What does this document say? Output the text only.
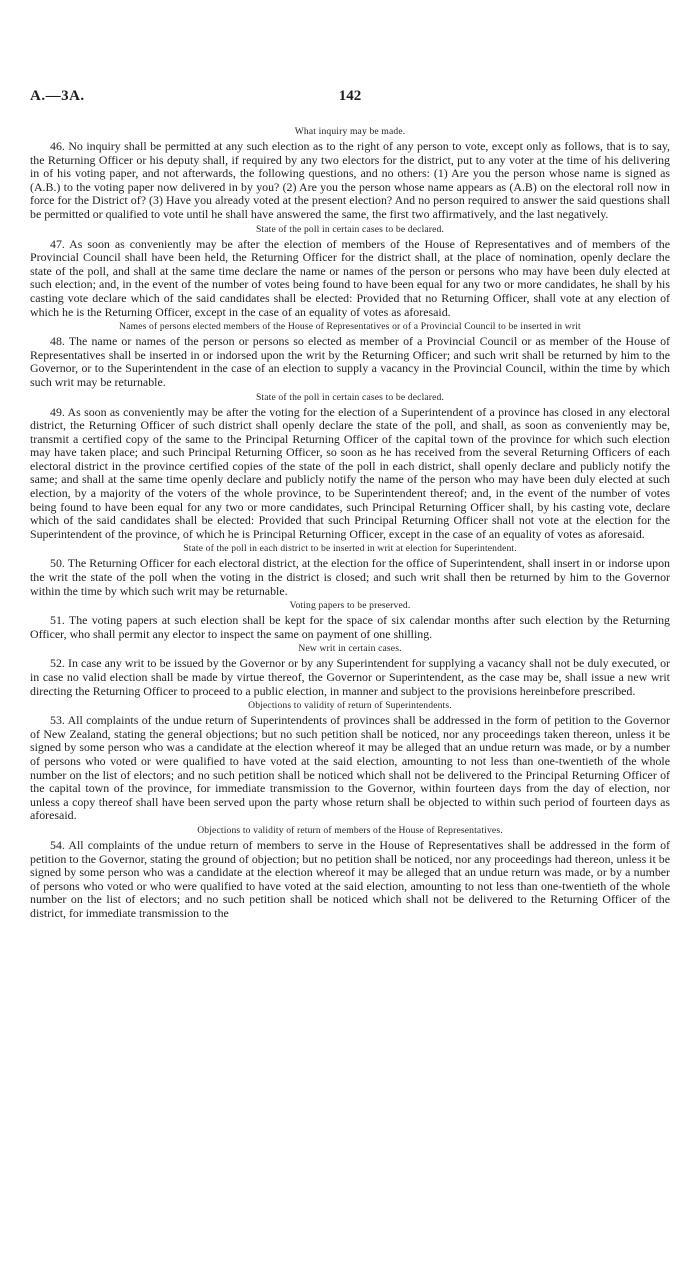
A.—3A.	142

What inquiry may be made.

46. No inquiry shall be permitted at any such election as to the right of any person to vote, except only as follows, that is to say, the Returning Officer or his deputy shall, if required by any two electors for the district, put to any voter at the time of his delivering in of his voting paper, and not afterwards, the following questions, and no others: (1) Are you the person whose name is signed as (A.B.) to the voting paper now delivered in by you? (2) Are you the person whose name appears as (A.B) on the electoral roll now in force for the District of? (3) Have you already voted at the present election? And no person required to answer the said questions shall be permitted or qualified to vote until he shall have answered the same, the first two affirmatively, and the last negatively.

State of the poll in certain cases to be declared.

47. As soon as conveniently may be after the election of members of the House of Representatives and of members of the Provincial Council shall have been held, the Returning Officer for the district shall, at the place of nomination, openly declare the state of the poll, and shall at the same time declare the name or names of the person or persons who may have been duly elected at such election; and, in the event of the number of votes being found to have been equal for any two or more candidates, he shall by his casting vote declare which of the said candidates shall be elected: Provided that no Returning Officer, shall vote at any election of which he is the Returning Officer, except in the case of an equality of votes as aforesaid.

Names of persons elected members of the House of Representatives or of a Provincial Council to be inserted in writ

48. The name or names of the person or persons so elected as member of a Provincial Council or as member of the House of Representatives shall be inserted in or indorsed upon the writ by the Returning Officer; and such writ shall be returned by him to the Governor, or to the Superintendent in the case of an election to supply a vacancy in the Provincial Council, within the time by which such writ may be returnable.

State of the poll in certain cases to be declared.

49. As soon as conveniently may be after the voting for the election of a Superintendent of a province has closed in any electoral district, the Returning Officer of such district shall openly declare the state of the poll, and shall, as soon as conveniently may be, transmit a certified copy of the same to the Principal Returning Officer of the capital town of the province for which such election may have taken place; and such Principal Returning Officer, so soon as he has received from the several Returning Officers of each electoral district in the province certified copies of the state of the poll in each district, shall openly declare and publicly notify the same; and shall at the same time openly declare and publicly notify the name of the person who may have been duly elected at such election, by a majority of the voters of the whole province, to be Superintendent thereof; and, in the event of the number of votes being found to have been equal for any two or more candidates, such Principal Returning Officer shall, by his casting vote, declare which of the said candidates shall be elected: Provided that such Principal Returning Officer shall not vote at the election for the Superintendent of the province, of which he is Principal Returning Officer, except in the case of an equality of votes as aforesaid.

State of the poll in each district to be inserted in writ at election for Superintendent.

50. The Returning Officer for each electoral district, at the election for the office of Superintendent, shall insert in or indorse upon the writ the state of the poll when the voting in the district is closed; and such writ shall then be returned by him to the Governor within the time by which such writ may be returnable.

Voting papers to be preserved.

51. The voting papers at such election shall be kept for the space of six calendar months after such election by the Returning Officer, who shall permit any elector to inspect the same on payment of one shilling.

New writ in certain cases.

52. In case any writ to be issued by the Governor or by any Superintendent for supplying a vacancy shall not be duly executed, or in case no valid election shall be made by virtue thereof, the Governor or Superintendent, as the case may be, shall issue a new writ directing the Returning Officer to proceed to a public election, in manner and subject to the provisions hereinbefore prescribed.

Objections to validity of return of Superintendents.

53. All complaints of the undue return of Superintendents of provinces shall be addressed in the form of petition to the Governor of New Zealand, stating the general objections; but no such petition shall be noticed, nor any proceedings taken thereon, unless it be signed by some person who was a candidate at the election whereof it may be alleged that an undue return was made, or by a number of persons who voted or were qualified to have voted at the said election, amounting to not less than one-twentieth of the whole number on the list of electors; and no such petition shall be noticed which shall not be delivered to the Principal Returning Officer of the capital town of the province, for immediate transmission to the Governor, within fourteen days from the day of election, nor unless a copy thereof shall have been served upon the party whose return shall be objected to within such period of fourteen days as aforesaid.

Objections to validity of return of members of the House of Representatives.

54. All complaints of the undue return of members to serve in the House of Representatives shall be addressed in the form of petition to the Governor, stating the ground of objection; but no petition shall be noticed, nor any proceedings had thereon, unless it be signed by some person who was a candidate at the election whereof it may be alleged that an undue return was made, or by a number of persons who voted or who were qualified to have voted at the said election, amounting to not less than one-twentieth of the whole number on the list of electors; and no such petition shall be noticed which shall not be delivered to the Returning Officer of the district, for immediate transmission to the
